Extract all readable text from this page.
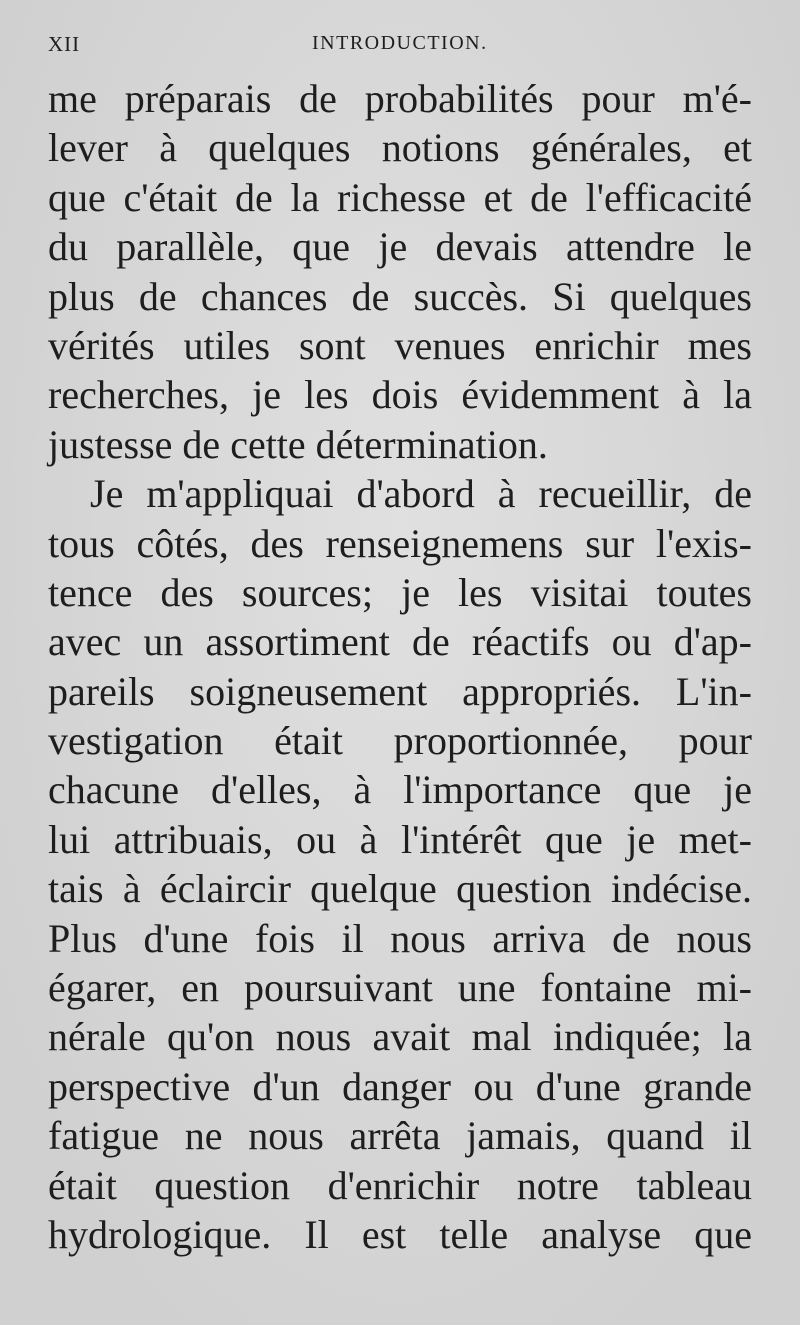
XII	INTRODUCTION.
me préparais de probabilités pour m'é-
lever à quelques notions générales, et
que c'était de la richesse et de l'efficacité
du parallèle, que je devais attendre le
plus de chances de succès. Si quelques
vérités utiles sont venues enrichir mes
recherches, je les dois évidemment à la
justesse de cette détermination.
Je m'appliquai d'abord à recueillir, de
tous côtés, des renseignemens sur l'exis-
tence des sources; je les visitai toutes
avec un assortiment de réactifs ou d'ap-
pareils soigneusement appropriés. L'in-
vestigation était proportionnée, pour
chacune d'elles, à l'importance que je
lui attribuais, ou à l'intérêt que je met-
tais à éclaircir quelque question indécise.
Plus d'une fois il nous arriva de nous
égarer, en poursuivant une fontaine mi-
nérale qu'on nous avait mal indiquée; la
perspective d'un danger ou d'une grande
fatigue ne nous arrêta jamais, quand il
était question d'enrichir notre tableau
hydrologique. Il est telle analyse que
